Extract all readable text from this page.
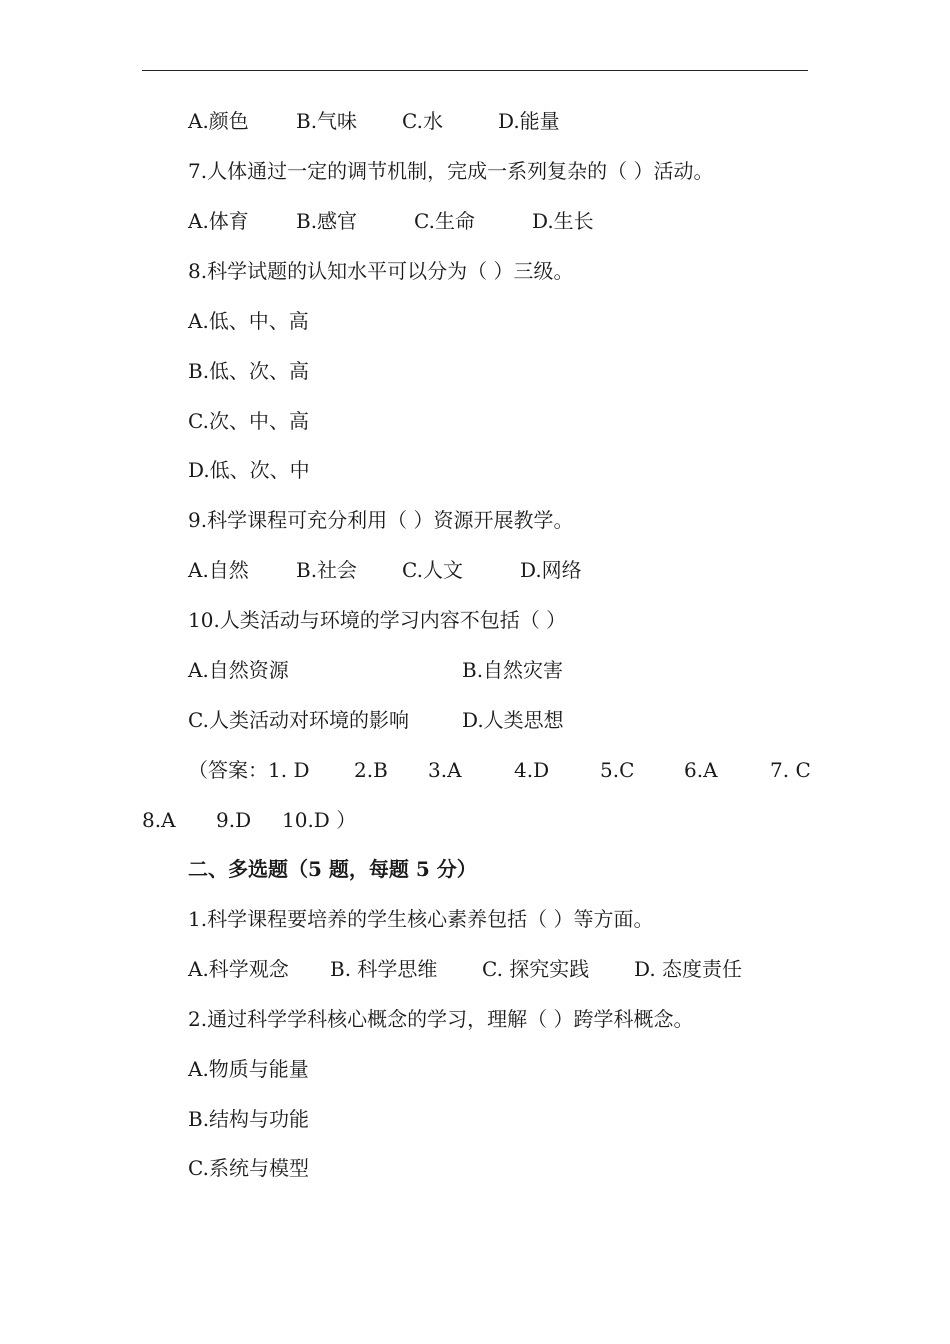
A.颜色 B.气味 C.水	D.能量
7.人体通过一定的调节机制，完成一系列复杂的（ ）活动。
A.体育 B.感官	C.生命	D.生长
8.科学试题的认知水平可以分为（ ）三级。
A.低、中、高
B.低、次、高
C.次、中、高
D.低、次、中
9.科学课程可充分利用（ ）资源开展教学。
A.自然 B.社会 C.人文	D.网络
10.人类活动与环境的学习内容不包括（ ）
A.自然资源	B.自然灾害
C.人类活动对环境的影响	D.人类思想
（答案：1. D 2.B 3.A	4.D	5.C 6.A	7. C
8.A 9.D 10.D ）
二、多选题（5 题，每题 5 分）
1.科学课程要培养的学生核心素养包括（ ）等方面。
A.科学观念 B. 科学思维 C. 探究实践 D. 态度责任
2.通过科学学科核心概念的学习，理解（ ）跨学科概念。
A.物质与能量
B.结构与功能
C.系统与模型
